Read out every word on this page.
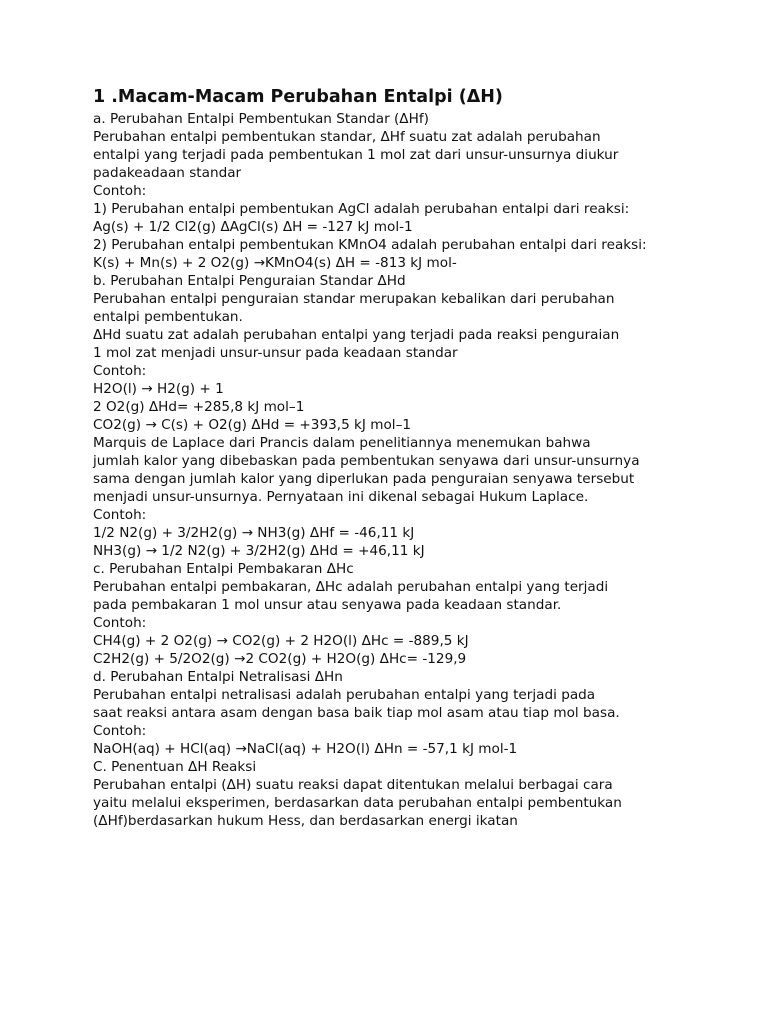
1 .Macam-Macam Perubahan Entalpi (ΔH)
a. Perubahan Entalpi Pembentukan Standar (ΔHf)
Perubahan entalpi pembentukan standar, ΔHf suatu zat adalah perubahan
entalpi yang terjadi pada pembentukan 1 mol zat dari unsur-unsurnya diukur
padakeadaan standar
Contoh:
1) Perubahan entalpi pembentukan AgCl adalah perubahan entalpi dari reaksi:
Ag(s) + 1/2 Cl2(g) ΔAgCl(s) ΔH = -127 kJ mol-1
2) Perubahan entalpi pembentukan KMnO4 adalah perubahan entalpi dari reaksi:
K(s) + Mn(s) + 2 O2(g) →KMnO4(s) ΔH = -813 kJ mol-
b. Perubahan Entalpi Penguraian Standar ΔHd
Perubahan entalpi penguraian standar merupakan kebalikan dari perubahan
entalpi pembentukan.
ΔHd suatu zat adalah perubahan entalpi yang terjadi pada reaksi penguraian
1 mol zat menjadi unsur-unsur pada keadaan standar
Contoh:
H2O(l) → H2(g) + 1
2 O2(g) ΔHd= +285,8 kJ mol–1
CO2(g) → C(s) + O2(g) ΔHd = +393,5 kJ mol–1
Marquis de Laplace dari Prancis dalam penelitiannya menemukan bahwa
jumlah kalor yang dibebaskan pada pembentukan senyawa dari unsur-unsurnya
sama dengan jumlah kalor yang diperlukan pada penguraian senyawa tersebut
menjadi unsur-unsurnya. Pernyataan ini dikenal sebagai Hukum Laplace.
Contoh:
1/2 N2(g) + 3/2H2(g) → NH3(g) ΔHf = -46,11 kJ
NH3(g) → 1/2 N2(g) + 3/2H2(g) ΔHd = +46,11 kJ
c. Perubahan Entalpi Pembakaran ΔHc
Perubahan entalpi pembakaran, ΔHc adalah perubahan entalpi yang terjadi
pada pembakaran 1 mol unsur atau senyawa pada keadaan standar.
Contoh:
CH4(g) + 2 O2(g) → CO2(g) + 2 H2O(l) ΔHc = -889,5 kJ
C2H2(g) + 5/2O2(g) →2 CO2(g) + H2O(g) ΔHc= -129,9
d. Perubahan Entalpi Netralisasi ΔHn
Perubahan entalpi netralisasi adalah perubahan entalpi yang terjadi pada
saat reaksi antara asam dengan basa baik tiap mol asam atau tiap mol basa.
Contoh:
NaOH(aq) + HCl(aq) →NaCl(aq) + H2O(l) ΔHn = -57,1 kJ mol-1
C. Penentuan ΔH Reaksi
Perubahan entalpi (ΔH) suatu reaksi dapat ditentukan melalui berbagai cara
yaitu melalui eksperimen, berdasarkan data perubahan entalpi pembentukan
(ΔHf)berdasarkan hukum Hess, dan berdasarkan energi ikatan
